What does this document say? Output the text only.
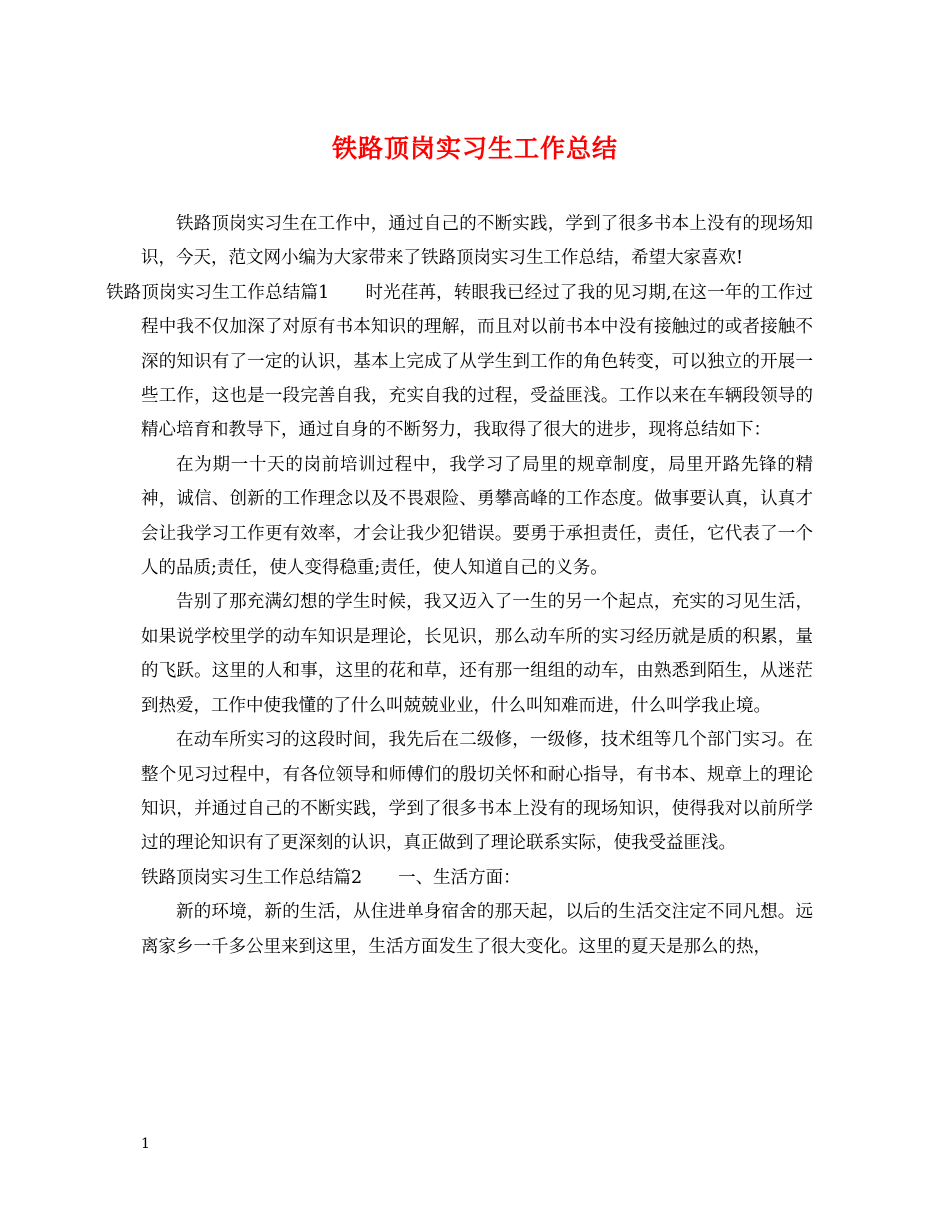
铁路顶岗实习生工作总结

铁路顶岗实习生在工作中，通过自己的不断实践，学到了很多书本上没有的现场知识，今天，范文网小编为大家带来了铁路顶岗实习生工作总结，希望大家喜欢!
铁路顶岗实习生工作总结篇1 时光荏苒，转眼我已经过了我的见习期,在这一年的工作过程中我不仅加深了对原有书本知识的理解，而且对以前书本中没有接触过的或者接触不深的知识有了一定的认识，基本上完成了从学生到工作的角色转变，可以独立的开展一些工作，这也是一段完善自我，充实自我的过程，受益匪浅。工作以来在车辆段领导的精心培育和教导下，通过自身的不断努力，我取得了很大的进步，现将总结如下：

在为期一十天的岗前培训过程中，我学习了局里的规章制度，局里开路先锋的精神，诚信、创新的工作理念以及不畏艰险、勇攀高峰的工作态度。做事要认真，认真才会让我学习工作更有效率，才会让我少犯错误。要勇于承担责任，责任，它代表了一个人的品质;责任，使人变得稳重;责任，使人知道自己的义务。

告别了那充满幻想的学生时候，我又迈入了一生的另一个起点，充实的习见生活，如果说学校里学的动车知识是理论，长见识，那么动车所的实习经历就是质的积累，量的飞跃。这里的人和事，这里的花和草，还有那一组组的动车，由熟悉到陌生，从迷茫到热爱，工作中使我懂的了什么叫兢兢业业，什么叫知难而进，什么叫学我止境。

在动车所实习的这段时间，我先后在二级修，一级修，技术组等几个部门实习。在整个见习过程中，有各位领导和师傅们的殷切关怀和耐心指导，有书本、规章上的理论知识，并通过自己的不断实践，学到了很多书本上没有的现场知识，使得我对以前所学过的理论知识有了更深刻的认识，真正做到了理论联系实际，使我受益匪浅。

铁路顶岗实习生工作总结篇2 一、生活方面：

新的环境，新的生活，从住进单身宿舍的那天起，以后的生活交注定不同凡想。远离家乡一千多公里来到这里，生活方面发生了很大变化。这里的夏天是那么的热，

1
